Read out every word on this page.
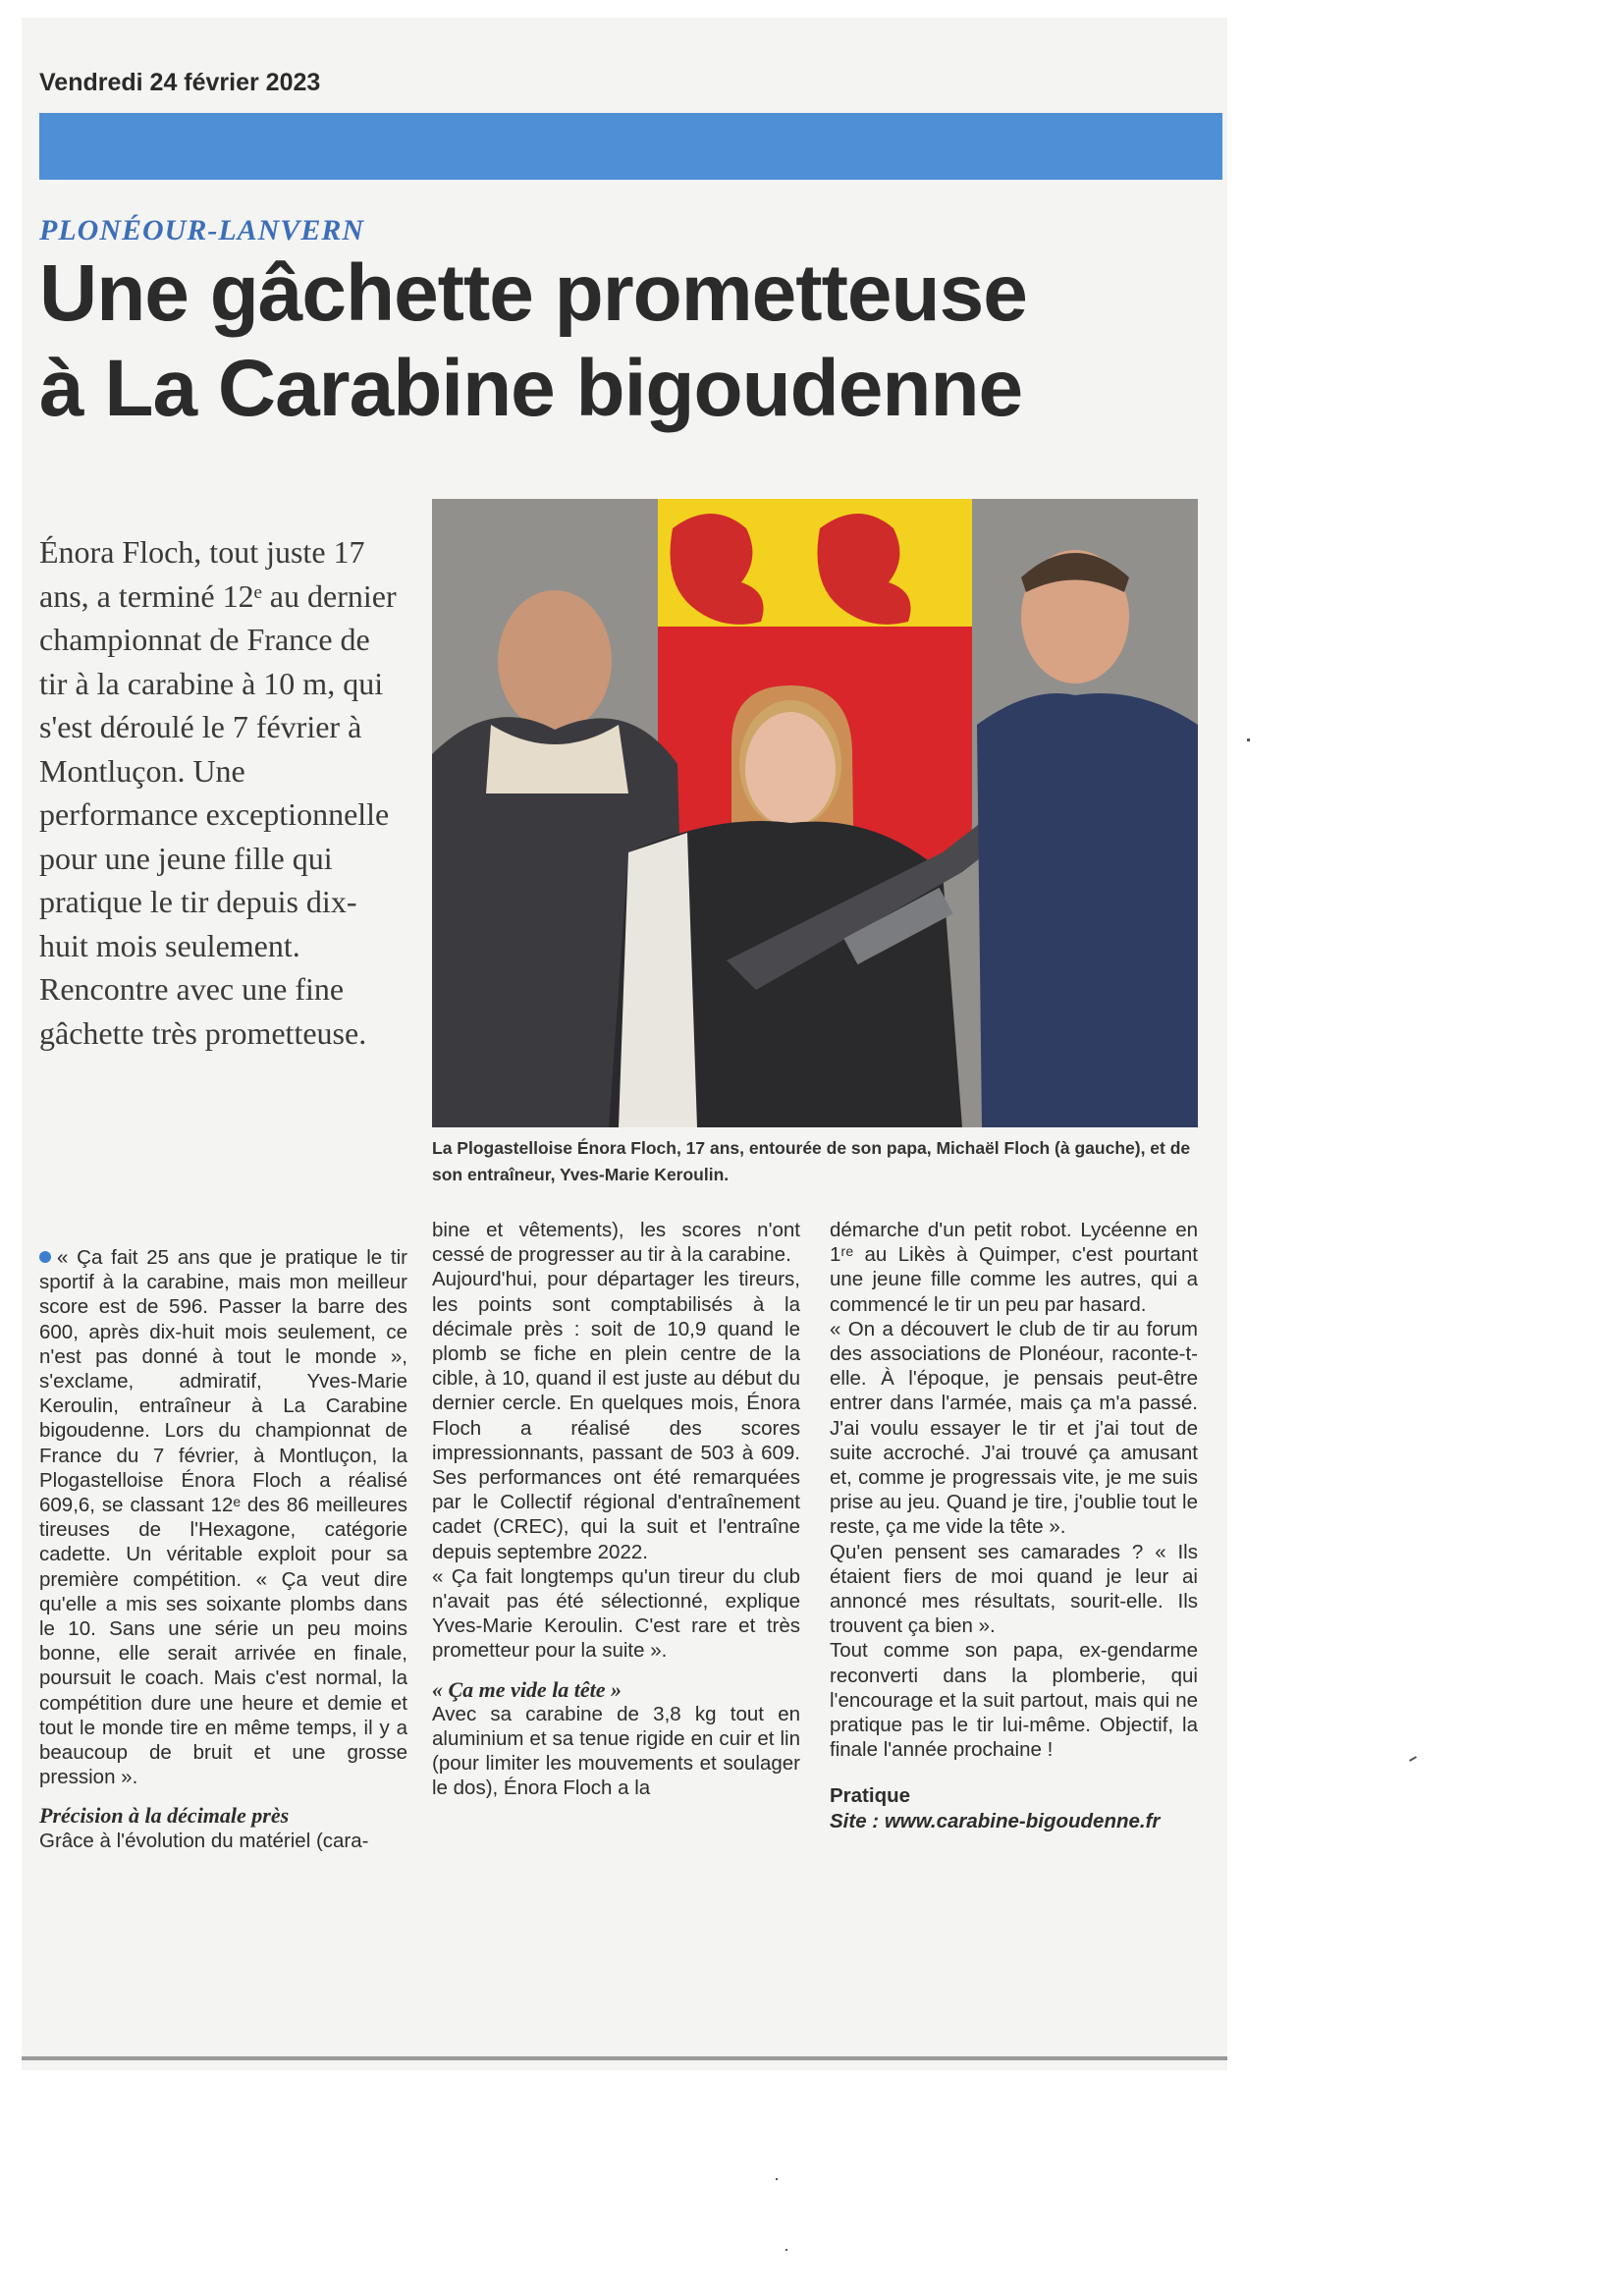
Vendredi 24 février 2023
PLONÉOUR-LANVERN
Une gâchette prometteuse
à La Carabine bigoudenne
Énora Floch, tout juste 17 ans, a terminé 12ᵉ au dernier championnat de France de tir à la carabine à 10 m, qui s'est déroulé le 7 février à Montluçon. Une performance exceptionnelle pour une jeune fille qui pratique le tir depuis dix-huit mois seulement. Rencontre avec une fine gâchette très prometteuse.
La Plogastelloise Énora Floch, 17 ans, entourée de son papa, Michaël Floch (à gauche), et de son entraîneur, Yves-Marie Keroulin.

« Ça fait 25 ans que je pratique le tir sportif à la carabine, mais mon meilleur score est de 596. Passer la barre des 600, après dix-huit mois seulement, ce n'est pas donné à tout le monde », s'exclame, admiratif, Yves-Marie Keroulin, entraîneur à La Carabine bigoudenne. Lors du championnat de France du 7 février, à Montluçon, la Plogastelloise Énora Floch a réalisé 609,6, se classant 12ᵉ des 86 meilleures tireuses de l'Hexagone, catégorie cadette. Un véritable exploit pour sa première compétition. « Ça veut dire qu'elle a mis ses soixante plombs dans le 10. Sans une série un peu moins bonne, elle serait arrivée en finale, poursuit le coach. Mais c'est normal, la compétition dure une heure et demie et tout le monde tire en même temps, il y a beaucoup de bruit et une grosse pression ».

Précision à la décimale près

Grâce à l'évolution du matériel (cara-

bine et vêtements), les scores n'ont cessé de progresser au tir à la carabine.

Aujourd'hui, pour départager les tireurs, les points sont comptabilisés à la décimale près : soit de 10,9 quand le plomb se fiche en plein centre de la cible, à 10, quand il est juste au début du dernier cercle. En quelques mois, Énora Floch a réalisé des scores impressionnants, passant de 503 à 609. Ses performances ont été remarquées par le Collectif régional d'entraînement cadet (CREC), qui la suit et l'entraîne depuis septembre 2022.

« Ça fait longtemps qu'un tireur du club n'avait pas été sélectionné, explique Yves-Marie Keroulin. C'est rare et très prometteur pour la suite ».

« Ça me vide la tête »

Avec sa carabine de 3,8 kg tout en aluminium et sa tenue rigide en cuir et lin (pour limiter les mouvements et soulager le dos), Énora Floch a la

démarche d'un petit robot. Lycéenne en 1ʳᵉ au Likès à Quimper, c'est pourtant une jeune fille comme les autres, qui a commencé le tir un peu par hasard.

« On a découvert le club de tir au forum des associations de Plonéour, raconte-t-elle. À l'époque, je pensais peut-être entrer dans l'armée, mais ça m'a passé. J'ai voulu essayer le tir et j'ai tout de suite accroché. J'ai trouvé ça amusant et, comme je progressais vite, je me suis prise au jeu. Quand je tire, j'oublie tout le reste, ça me vide la tête ».

Qu'en pensent ses camarades ? « Ils étaient fiers de moi quand je leur ai annoncé mes résultats, sourit-elle. Ils trouvent ça bien ».

Tout comme son papa, ex-gendarme reconverti dans la plomberie, qui l'encourage et la suit partout, mais qui ne pratique pas le tir lui-même. Objectif, la finale l'année prochaine !

Pratique

Site : www.carabine-bigoudenne.fr
